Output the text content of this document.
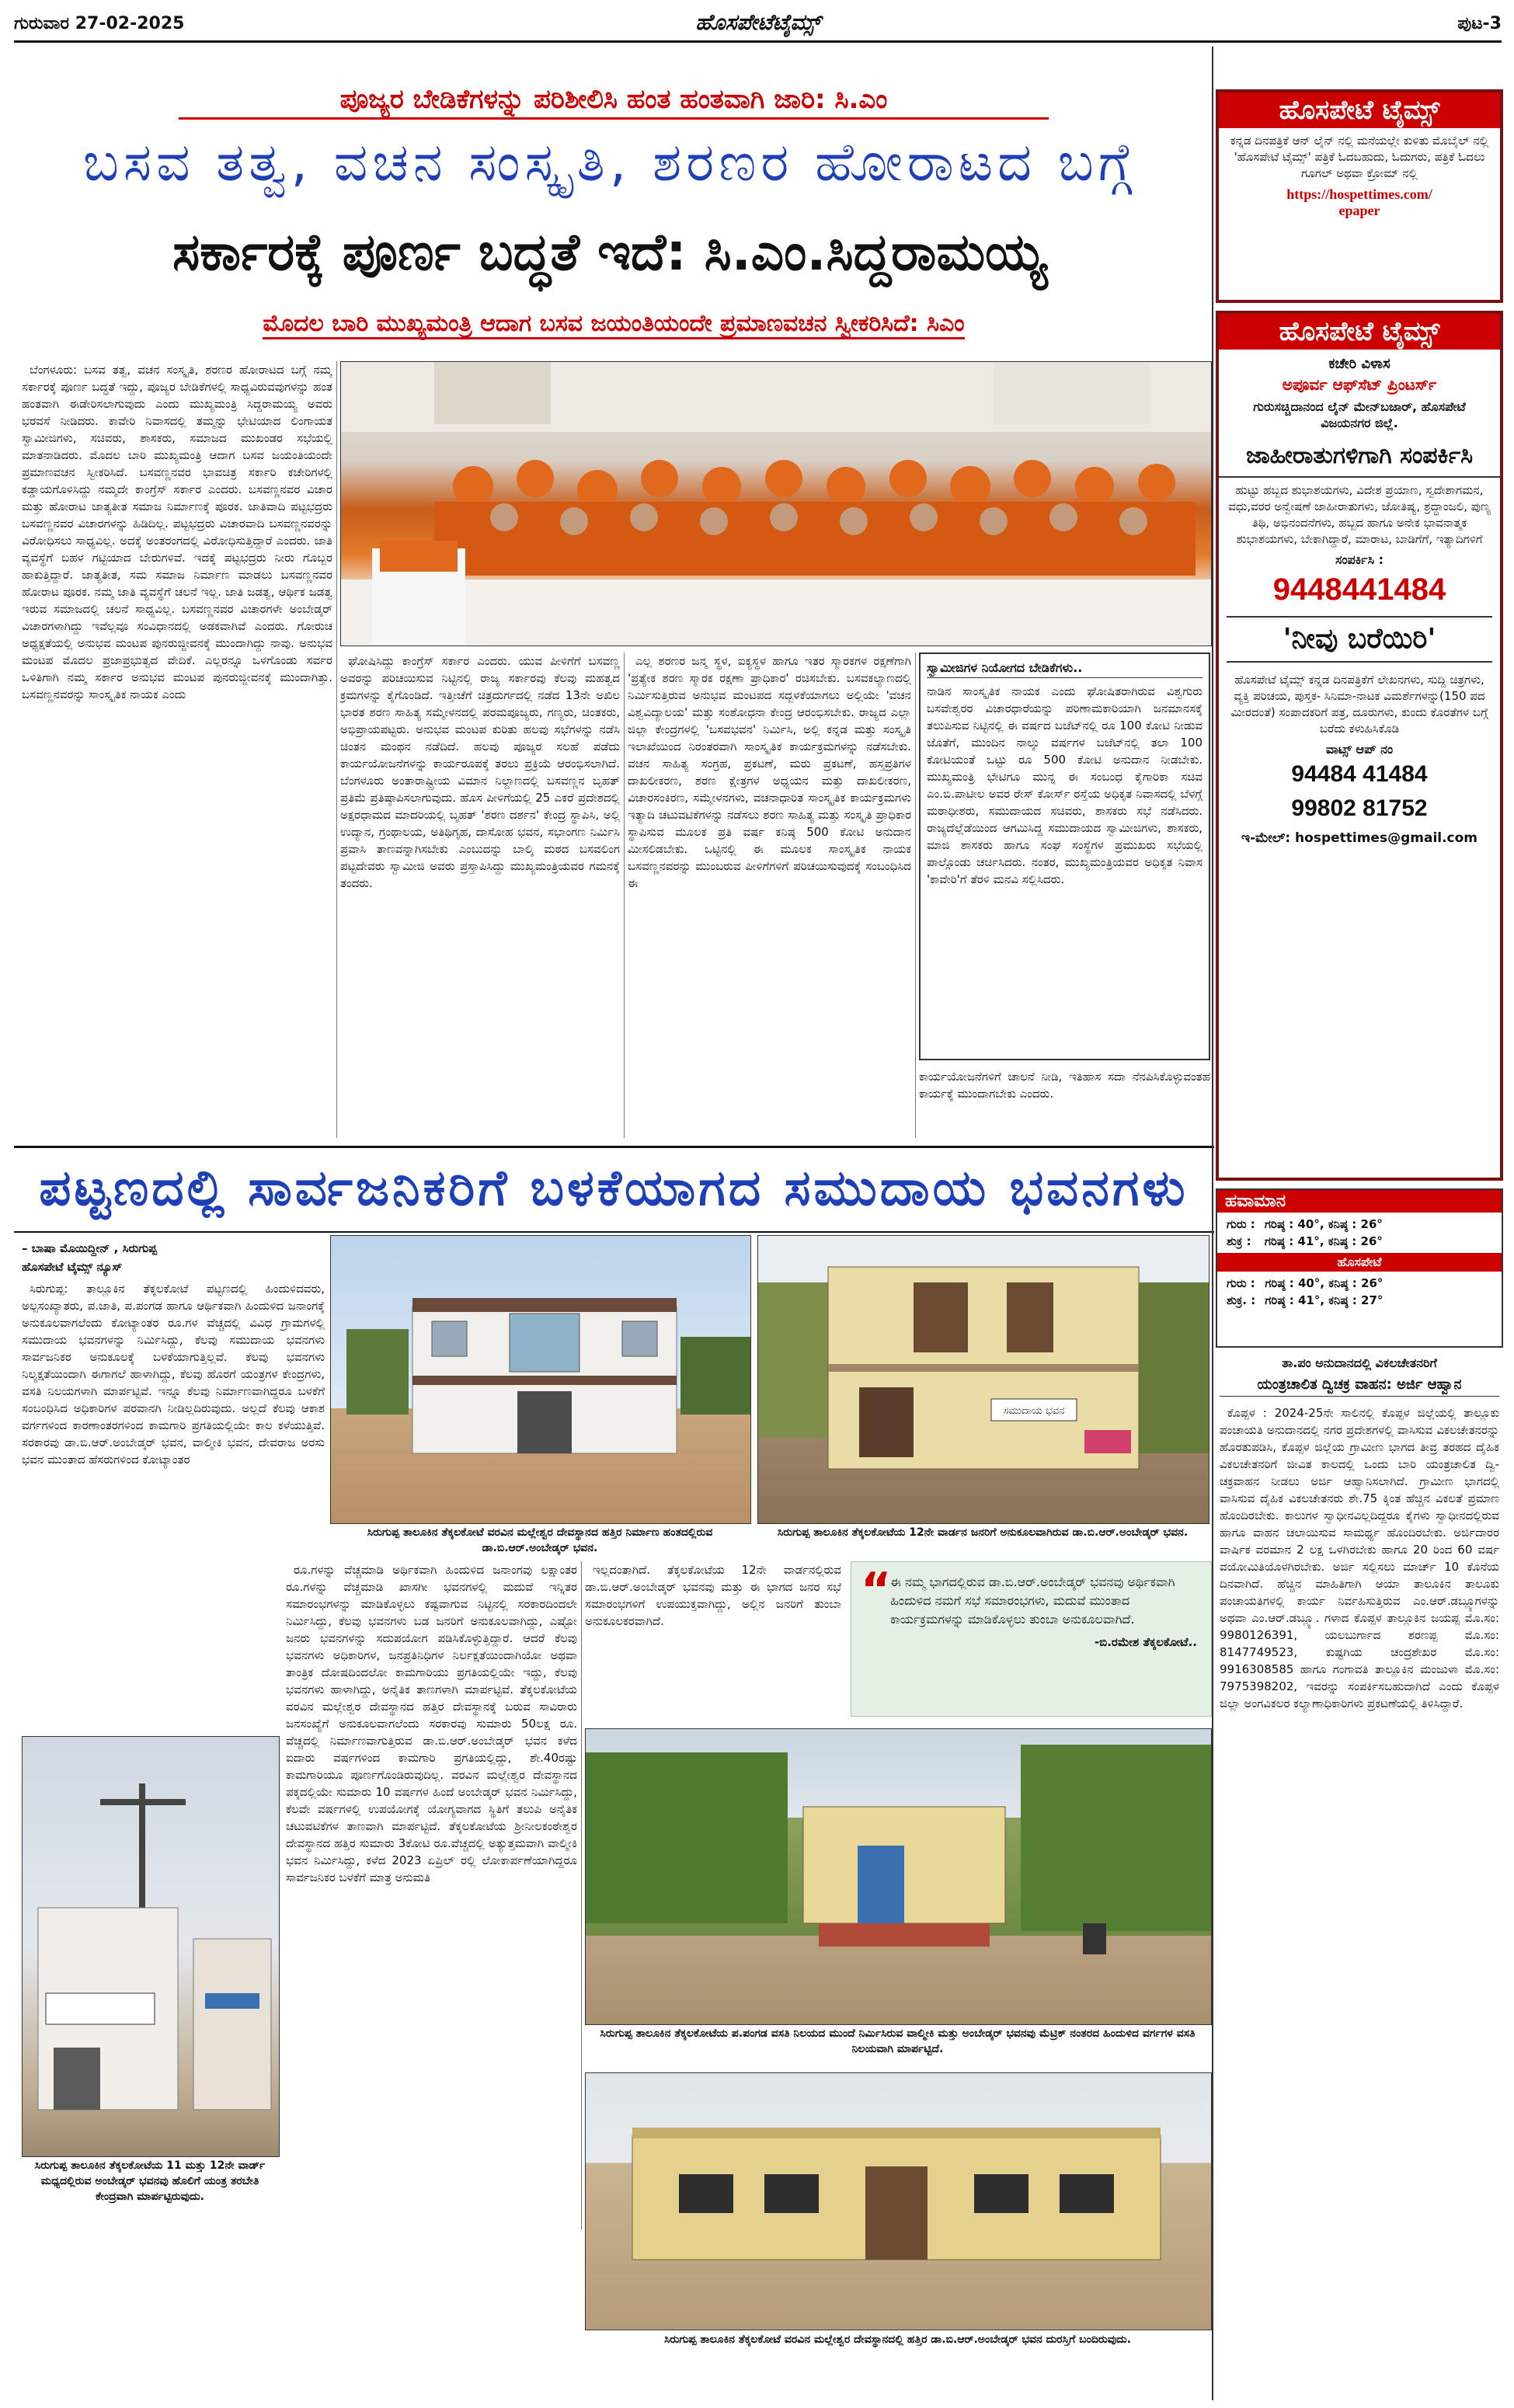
ಗುರುವಾರ 27-02-2025	ಹೊಸಪೇಟೆಟೈಮ್ಸ್	ಪುಟ-3
ಪೂಜ್ಯರ ಬೇಡಿಕೆಗಳನ್ನು ಪರಿಶೀಲಿಸಿ ಹಂತ ಹಂತವಾಗಿ ಜಾರಿ: ಸಿ.ಎಂ
ಬಸವ ತತ್ವ, ವಚನ ಸಂಸ್ಕೃತಿ, ಶರಣರ ಹೋರಾಟದ ಬಗ್ಗೆ
ಸರ್ಕಾರಕ್ಕೆ ಪೂರ್ಣ ಬದ್ಧತೆ ಇದೆ: ಸಿ.ಎಂ.ಸಿದ್ದರಾಮಯ್ಯ
ಮೊದಲ ಬಾರಿ ಮುಖ್ಯಮಂತ್ರಿ ಆದಾಗ ಬಸವ ಜಯಂತಿಯಂದೇ ಪ್ರಮಾಣವಚನ ಸ್ವೀಕರಿಸಿದೆ: ಸಿಎಂ

ಬೆಂಗಳೂರು: ಬಸವ ತತ್ವ, ವಚನ ಸಂಸ್ಕೃತಿ, ಶರಣರ ಹೋರಾಟದ ಬಗ್ಗೆ ನಮ್ಮ ಸರ್ಕಾರಕ್ಕೆ ಪೂರ್ಣ ಬದ್ಧತೆ ಇದ್ದು, ಪೂಜ್ಯರ ಬೇಡಿಕೆಗಳಲ್ಲಿ ಸಾಧ್ಯವಿರುವವುಗಳನ್ನು ಹಂತ ಹಂತವಾಗಿ ಈಡೇರಿಸಲಾಗುವುದು ಎಂದು ಮುಖ್ಯಮಂತ್ರಿ ಸಿದ್ದರಾಮಯ್ಯ ಅವರು ಭರವಸೆ ನೀಡಿದರು. ಕಾವೇರಿ ನಿವಾಸದಲ್ಲಿ ತಮ್ಮನ್ನು ಭೇಟಿಯಾದ ಲಿಂಗಾಯತ ಸ್ವಾಮೀಜಿಗಳು, ಸಚಿವರು, ಶಾಸಕರು, ಸಮಾಜದ ಮುಖಂಡರ ಸಭೆಯಲ್ಲಿ ಮಾತನಾಡಿದರು. ಮೊದಲ ಬಾರಿ ಮುಖ್ಯಮಂತ್ರಿ ಆದಾಗ ಬಸವ ಜಯಂತಿಯಂದೇ ಪ್ರಮಾಣವಚನ ಸ್ವೀಕರಿಸಿದೆ. ಬಸವಣ್ಣನವರ ಭಾವಚಿತ್ರ ಸರ್ಕಾರಿ ಕಚೇರಿಗಳಲ್ಲಿ ಕಡ್ಡಾಯಗೊಳಿಸಿದ್ದು ನಮ್ಮದೇ ಕಾಂಗ್ರೆಸ್ ಸರ್ಕಾರ ಎಂದರು. ಬಸವಣ್ಣನವರ ವಿಚಾರ ಮತ್ತು ಹೋರಾಟ ಜಾತ್ಯತೀತ ಸಮಾಜ ನಿರ್ಮಾಣಕ್ಕೆ ಪೂರಕ. ಜಾತಿವಾದಿ ಪಟ್ಟಭದ್ರರು ಬಸವಣ್ಣನವರ ವಿಚಾರಗಳನ್ನು ಹಿಡಿದಿಲ್ಲ. ಪಟ್ಟಭದ್ರರು ವಿಚಾರವಾದಿ ಬಸವಣ್ಣನವರನ್ನು ವಿರೋಧಿಸಲು ಸಾಧ್ಯವಿಲ್ಲ. ಅದಕ್ಕೆ ಅಂತರಂಗದಲ್ಲಿ ವಿರೋಧಿಸುತ್ತಿದ್ದಾರೆ ಎಂದರು. ಜಾತಿ ವ್ಯವಸ್ಥೆಗೆ ಬಹಳ ಗಟ್ಟಿಯಾದ ಬೇರುಗಳಿವೆ. ಇದಕ್ಕೆ ಪಟ್ಟಭದ್ರರು ನೀರು ಗೊಬ್ಬರ ಹಾಕುತ್ತಿದ್ದಾರೆ. ಜಾತ್ಯತೀತ, ಸಮ ಸಮಾಜ ನಿರ್ಮಾಣ ಮಾಡಲು ಬಸವಣ್ಣನವರ ಹೋರಾಟ ಪೂರಕ. ನಮ್ಮ ಜಾತಿ ವ್ಯವಸ್ಥೆಗೆ ಚಲನೆ ಇಲ್ಲ. ಜಾತಿ ಜಡತ್ವ, ಆರ್ಥಿಕ ಜಡತ್ವ ಇರುವ ಸಮಾಜದಲ್ಲಿ ಚಲನೆ ಸಾಧ್ಯವಿಲ್ಲ. ಬಸವಣ್ಣನವರ ವಿಚಾರಗಳೇ ಅಂಬೇಡ್ಕರ್ ವಿಚಾರಗಳಾಗಿದ್ದು ಇವೆಲ್ಲವೂ ಸಂವಿಧಾನದಲ್ಲಿ ಅಡಕವಾಗಿವೆ ಎಂದರು. ಗೋರುಚ ಅಧ್ಯಕ್ಷತೆಯಲ್ಲಿ ಅನುಭವ ಮಂಟಪ ಪುನರುಜ್ಜೀವನಕ್ಕೆ ಮುಂದಾಗಿದ್ದು ನಾವು. ಅನುಭವ ಮಂಟಪ ಮೊದಲ ಪ್ರಜಾಪ್ರಭುತ್ವದ ವೇದಿಕೆ. ಎಲ್ಲರನ್ನೂ ಒಳಗೊಂಡು ಸರ್ವರ ಒಳಿತಿಗಾಗಿ ನಮ್ಮ ಸರ್ಕಾರ ಅನುಭವ ಮಂಟಪ ಪುನರುಜ್ಜೀವನಕ್ಕೆ ಮುಂದಾಗಿತ್ತು. ಬಸವಣ್ಣನವರನ್ನು ಸಾಂಸ್ಕೃತಿಕ ನಾಯಕ ಎಂದು

ಘೋಷಿಸಿದ್ದು ಕಾಂಗ್ರೆಸ್ ಸರ್ಕಾರ ಎಂದರು. ಯುವ ಪೀಳಿಗೆಗೆ ಬಸವಣ್ಣ ಅವರನ್ನು ಪರಿಚಯಿಸುವ ನಿಟ್ಟಿನಲ್ಲಿ ರಾಜ್ಯ ಸರ್ಕಾರವು ಕೆಲವು ಮಹತ್ವದ ಕ್ರಮಗಳನ್ನು ಕೈಗೊಂಡಿದೆ. ಇತ್ತೀಚೆಗೆ ಚಿತ್ರದುರ್ಗದಲ್ಲಿ ನಡೆದ 13ನೇ ಅಖಿಲ ಭಾರತ ಶರಣ ಸಾಹಿತ್ಯ ಸಮ್ಮೇಳನದಲ್ಲಿ ಪರಮಪೂಜ್ಯರು, ಗಣ್ಯರು, ಚಿಂತಕರು, ಅಭಿಪ್ರಾಯಪಟ್ಟರು. ಅನುಭವ ಮಂಟಪ ಕುರಿತು ಹಲವು ಸಭೆಗಳನ್ನು ನಡೆಸಿ ಚಿಂತನ ಮಂಥನ ನಡೆದಿದೆ. ಹಲವು ಪೂಜ್ಯರ ಸಲಹೆ ಪಡೆದು ಕಾರ್ಯಯೋಜನೆಗಳನ್ನು ಕಾರ್ಯರೂಪಕ್ಕೆ ತರಲು ಪ್ರಕ್ರಿಯೆ ಆರಂಭಿಸಲಾಗಿದೆ. ಬೆಂಗಳೂರು ಅಂತಾರಾಷ್ಟ್ರೀಯ ವಿಮಾನ ನಿಲ್ದಾಣದಲ್ಲಿ ಬಸವಣ್ಣನ ಬೃಹತ್ ಪ್ರತಿಮೆ ಪ್ರತಿಷ್ಠಾಪಿಸಲಾಗುವುದು. ಹೊಸ ಪೀಳಿಗೆಯಲ್ಲಿ 25 ಎಕರೆ ಪ್ರದೇಶದಲ್ಲಿ ಅಕ್ಷರಧಾಮದ ಮಾದರಿಯಲ್ಲಿ ಬೃಹತ್ 'ಶರಣ ದರ್ಶನ' ಕೇಂದ್ರ ಸ್ಥಾಪಿಸಿ, ಅಲ್ಲಿ ಉದ್ಯಾನ, ಗ್ರಂಥಾಲಯ, ಅತಿಥಿಗೃಹ, ದಾಸೋಹ ಭವನ, ಸಭಾಂಗಣ ನಿರ್ಮಿಸಿ ಪ್ರವಾಸಿ ತಾಣವನ್ನಾಗಿಸಬೇಕು ಎಂಬುದನ್ನು ಬಾಲ್ಕಿ ಮಠದ ಬಸವಲಿಂಗ ಪಟ್ಟದೇವರು ಸ್ವಾಮೀಜಿ ಅವರು ಪ್ರಸ್ತಾಪಿಸಿದ್ದು ಮುಖ್ಯಮಂತ್ರಿಯವರ ಗಮನಕ್ಕೆ ತಂದರು.

ಎಲ್ಲ ಶರಣರ ಜನ್ಮ ಸ್ಥಳ, ಐಕ್ಯಸ್ಥಳ ಹಾಗೂ ಇತರ ಸ್ಮಾರಕಗಳ ರಕ್ಷಣೆಗಾಗಿ 'ಪ್ರತ್ಯೇಕ ಶರಣ ಸ್ಮಾರಕ ರಕ್ಷಣಾ ಪ್ರಾಧಿಕಾರ' ರಚಿಸಬೇಕು. ಬಸವಕಲ್ಯಾಣದಲ್ಲಿ ನಿರ್ಮಿಸುತ್ತಿರುವ ಅನುಭವ ಮಂಟಪದ ಸದ್ಬಳಕೆಯಾಗಲು ಅಲ್ಲಿಯೇ 'ವಚನ ವಿಶ್ವವಿದ್ಯಾಲಯ' ಮತ್ತು ಸಂಶೋಧನಾ ಕೇಂದ್ರ ಆರಂಭಿಸಬೇಕು. ರಾಜ್ಯದ ಎಲ್ಲಾ ಜಿಲ್ಲಾ ಕೇಂದ್ರಗಳಲ್ಲಿ 'ಬಸವಭವನ' ನಿರ್ಮಿಸಿ, ಅಲ್ಲಿ ಕನ್ನಡ ಮತ್ತು ಸಂಸ್ಕೃತಿ ಇಲಾಖೆಯಿಂದ ನಿರಂತರವಾಗಿ ಸಾಂಸ್ಕೃತಿಕ ಕಾರ್ಯಕ್ರಮಗಳನ್ನು ನಡೆಸಬೇಕು. ವಚನ ಸಾಹಿತ್ಯ ಸಂಗ್ರಹ, ಪ್ರಕಟಣೆ, ಮರು ಪ್ರಕಟಣೆ, ಹಸ್ತಪ್ರತಿಗಳ ದಾಖಲೀಕರಣ, ಶರಣ ಕ್ಷೇತ್ರಗಳ ಅಧ್ಯಯನ ಮತ್ತು ದಾಖಲೀಕರಣ, ವಿಚಾರಸಂಕಿರಣ, ಸಮ್ಮೇಳನಗಳು, ವಚನಾಧಾರಿತ ಸಾಂಸ್ಕೃತಿಕ ಕಾರ್ಯಕ್ರಮಗಳು ಇತ್ಯಾದಿ ಚಟುವಟಿಕೆಗಳನ್ನು ನಡೆಸಲು ಶರಣ ಸಾಹಿತ್ಯ ಮತ್ತು ಸಂಸ್ಕೃತಿ ಪ್ರಾಧಿಕಾರ ಸ್ಥಾಪಿಸುವ ಮೂಲಕ ಪ್ರತಿ ವರ್ಷ ಕನಿಷ್ಠ 500 ಕೋಟಿ ಅನುದಾನ ಮೀಸಲಿಡಬೇಕು. ಒಟ್ಟಿನಲ್ಲಿ ಈ ಮೂಲಕ ಸಾಂಸ್ಕೃತಿಕ ನಾಯಕ ಬಸವಣ್ಣನವರನ್ನು ಮುಂಬರುವ ಪೀಳಿಗೆಗಳಿಗೆ ಪರಿಚಯಿಸುವುದಕ್ಕೆ ಸಂಬಂಧಿಸಿದ ಈ

ಸ್ವಾಮೀಜಿಗಳ ನಿಯೋಗದ ಬೇಡಿಕೆಗಳು..
ನಾಡಿನ ಸಾಂಸ್ಕೃತಿಕ ನಾಯಕ ಎಂದು ಘೋಷಿತರಾಗಿರುವ ವಿಶ್ವಗುರು ಬಸವೇಶ್ವರರ ವಿಚಾರಧಾರೆಯನ್ನು ಪರಿಣಾಮಕಾರಿಯಾಗಿ ಜನಮಾನಸಕ್ಕೆ ತಲುಪಿಸುವ ನಿಟ್ಟಿನಲ್ಲಿ ಈ ವರ್ಷದ ಬಜೆಟ್‌ನಲ್ಲಿ ರೂ 100 ಕೋಟಿ ನೀಡುವ ಜೊತೆಗೆ, ಮುಂದಿನ ನಾಲ್ಕು ವರ್ಷಗಳ ಬಜೆಟ್‌ನಲ್ಲಿ ತಲಾ 100 ಕೋಟಿಯಂತೆ ಒಟ್ಟು ರೂ 500 ಕೋಟಿ ಅನುದಾನ ನೀಡಬೇಕು. ಮುಖ್ಯಮಂತ್ರಿ ಭೇಟಿಗೂ ಮುನ್ನ ಈ ಸಂಬಂಧ ಕೈಗಾರಿಕಾ ಸಚಿವ ಎಂ.ಬಿ.ಪಾಟೀಲ ಅವರ ರೇಸ್ ಕೋರ್ಸ್ ರಸ್ತೆಯ ಅಧಿಕೃತ ನಿವಾಸದಲ್ಲಿ ಬೆಳಗ್ಗೆ ಮಠಾಧೀಶರು, ಸಮುದಾಯದ ಸಚಿವರು, ಶಾಸಕರು ಸಭೆ ನಡೆಸಿದರು. ರಾಜ್ಯದೆಲ್ಲೆಡೆಯಿಂದ ಆಗಮಿಸಿದ್ದ ಸಮುದಾಯದ ಸ್ವಾಮೀಜಿಗಳು, ಶಾಸಕರು, ಮಾಜಿ ಶಾಸಕರು ಹಾಗೂ ಸಂಘ ಸಂಸ್ಥೆಗಳ ಪ್ರಮುಖರು ಸಭೆಯಲ್ಲಿ ಪಾಲ್ಗೊಂಡು ಚರ್ಚಿಸಿದರು. ನಂತರ, ಮುಖ್ಯಮಂತ್ರಿಯವರ ಅಧಿಕೃತ ನಿವಾಸ 'ಕಾವೇರಿ'ಗೆ ತೆರಳಿ ಮನವಿ ಸಲ್ಲಿಸಿದರು.
ಕಾರ್ಯಯೋಜನೆಗಳಿಗೆ ಚಾಲನೆ ನೀಡಿ, ಇತಿಹಾಸ ಸದಾ ನೆನಪಿಸಿಕೊಳ್ಳುವಂತಹ ಕಾರ್ಯಕ್ಕೆ ಮುಂದಾಗಬೇಕು ಎಂದರು.
ಪಟ್ಟಣದಲ್ಲಿ ಸಾರ್ವಜನಿಕರಿಗೆ ಬಳಕೆಯಾಗದ ಸಮುದಾಯ ಭವನಗಳು
– ಬಾಷಾ ಮೊಯಿದ್ದೀನ್ , ಸಿರುಗುಪ್ಪ
ಹೊಸಪೇಟೆ ಟೈಮ್ಸ್ ನ್ಯೂಸ್

ಸಿರುಗುಪ್ಪ: ತಾಲ್ಲೂಕಿನ ತೆಕ್ಕಲಕೋಟೆ ಪಟ್ಟಣದಲ್ಲಿ ಹಿಂದುಳಿದವರು, ಅಲ್ಪಸಂಖ್ಯಾತರು, ಪ.ಜಾತಿ, ಪ.ಪಂಗಡ ಹಾಗೂ ಆರ್ಥಿಕವಾಗಿ ಹಿಂದುಳಿದ ಜನಾಂಗಕ್ಕೆ ಅನುಕೂಲವಾಗಲೆಂದು ಕೋಟ್ಯಾಂತರ ರೂ.ಗಳ ವೆಚ್ಚದಲ್ಲಿ ವಿವಿಧ ಗ್ರಾಮಗಳಲ್ಲಿ ಸಮುದಾಯ ಭವನಗಳನ್ನು ನಿರ್ಮಿಸಿದ್ದು, ಕೆಲವು ಸಮುದಾಯ ಭವನಗಳು ಸಾರ್ವಜನಿಕರ ಅನುಕೂಲಕ್ಕೆ ಬಳಕೆಯಾಗುತ್ತಿಲ್ಲವೆ. ಕೆಲವು ಭವನಗಳು ನಿಲ್ಯಕ್ಷತೆಯಿಂದಾಗಿ ಈಗಾಗಲೆ ಹಾಳಾಗಿದ್ದು, ಕೆಲವು ಹೊರಗೆ ಯಂತ್ರಗಳ ಕೇಂದ್ರಗಳು, ವಸತಿ ನಿಲಯಗಳಾಗಿ ಮಾರ್ಪಟ್ಟಿವೆ. ಇನ್ನೂ ಕೆಲವು ನಿರ್ಮಾಣವಾಗಿದ್ದರೂ ಬಳಕೆಗೆ ಸಂಬಂಧಿಸಿದ ಅಧಿಕಾರಿಗಳ ಪರವಾನಗಿ ನೀಡಿಲ್ಲದಿರುವುದು. ಅಲ್ಲದೆ ಕೆಲವು ಆಕಾಶ ವರ್ಗಗಳಿಂದ ಕಾರಣಾಂತರಗಳಿಂದ ಕಾಮಗಾರಿ ಪ್ರಗತಿಯಲ್ಲಿಯೇ ಕಾಲ ಕಳೆಯುತ್ತಿವೆ. ಸರಕಾರವು ಡಾ.ಬಿ.ಆರ್.ಅಂಬೇಡ್ಕರ್ ಭವನ, ವಾಲ್ಮೀಕಿ ಭವನ, ದೇವರಾಜ ಅರಸು ಭವನ ಮುಂತಾದ ಹೆಸರುಗಳಿಂದ ಕೋಟ್ಯಾಂತರ

ಸಿರುಗುಪ್ಪ ತಾಲೂಕಿನ ತೆಕ್ಕಲಕೋಟೆ ವರವಿನ ಮಲ್ಲೇಶ್ವರ ದೇವಸ್ಥಾನದ ಹತ್ತಿರ ನಿರ್ಮಾಣ ಹಂತದಲ್ಲಿರುವ ಡಾ.ಬಿ.ಆರ್.ಅಂಬೇಡ್ಕರ್ ಭವನ.
ಸಮುದಾಯ ಭವನ
ಸಿರುಗುಪ್ಪ ತಾಲೂಕಿನ ತೆಕ್ಕಲಕೋಟೆಯ 12ನೇ ವಾರ್ಡನ ಜನರಿಗೆ ಅನುಕೂಲವಾಗಿರುವ ಡಾ.ಬಿ.ಆರ್.ಅಂಬೇಡ್ಕರ್ ಭವನ.
ಸಿರುಗುಪ್ಪ ತಾಲೂಕಿನ ತೆಕ್ಕಲಕೋಟೆಯ 11 ಮತ್ತು 12ನೇ ವಾರ್ಡ್ ಮಧ್ಯದಲ್ಲಿರುವ ಅಂಬೇಡ್ಕರ್ ಭವನವು ಹೊಲಿಗೆ ಯಂತ್ರ ತರಬೇತಿ ಕೇಂದ್ರವಾಗಿ ಮಾರ್ಪಟ್ಟಿರುವುದು.

ರೂ.ಗಳನ್ನು ವೆಚ್ಚಮಾಡಿ ಅರ್ಥಿಕವಾಗಿ ಹಿಂದುಳಿದ ಜನಾಂಗವು ಲಕ್ಷಾಂತರ ರೂ.ಗಳನ್ನು ವೆಚ್ಚಮಾಡಿ ಖಾಸಗೀ ಭವನಗಳಲ್ಲಿ ಮದುವೆ ಇನ್ನಿತರ ಸಮಾರಂಭಗಳನ್ನು ಮಾಡಿಕೊಳ್ಳಲು ಕಷ್ಟವಾಗುವ ನಿಟ್ಟಿನಲ್ಲಿ ಸರಕಾರದಿಂದಲೇ ನಿರ್ಮಿಸಿದ್ದು, ಕೆಲವು ಭವನಗಳು ಬಡ ಜನರಿಗೆ ಅನುಕೂಲವಾಗಿದ್ದು, ಎಷ್ಟೋ ಜನರು ಭವನಗಳನ್ನು ಸದುಪಯೋಗ ಪಡಿಸಿಕೊಳ್ಳುತ್ತಿದ್ದಾರೆ. ಆದರೆ ಕೆಲವು ಭವನಗಳು ಅಧಿಕಾರಿಗಳ, ಜನಪ್ರತಿನಿಧಿಗಳ ನಿರ್ಲಕ್ಷತೆಯಿಂದಾಗಿಯೋ ಅಥವಾ ತಾಂತ್ರಿಕ ದೋಷದಿಂದಲೋ ಕಾಮಗಾರಿಯು ಪ್ರಗತಿಯಲ್ಲಿಯೇ ಇದ್ದು, ಕೆಲವು ಭವನಗಳು ಹಾಳಾಗಿದ್ದು, ಅನೈತಿಕ ತಾಣಗಳಾಗಿ ಮಾರ್ಪಟ್ಟಿವೆ. ತೆಕ್ಕಲಕೋಟೆಯ ವರವಿನ ಮಲ್ಲೇಶ್ವರ ದೇವಸ್ಥಾನದ ಹತ್ತಿರ ದೇವಸ್ಥಾನಕ್ಕೆ ಬರುವ ಸಾವಿರಾರು ಜನಸಂಖ್ಯೆಗೆ ಅನುಕೂಲವಾಗಲೆಂದು ಸರಕಾರವು ಸುಮಾರು 50ಲಕ್ಷ ರೂ. ವೆಚ್ಚದಲ್ಲಿ ನಿರ್ಮಾಣವಾಗುತ್ತಿರುವ ಡಾ.ಬಿ.ಆರ್.ಅಂಬೇಡ್ಕರ್ ಭವನ ಕಳೆದ ಐದಾರು ವರ್ಷಗಳಿಂದ ಕಾಮಗಾರಿ ಪ್ರಗತಿಯಲ್ಲಿದ್ದು, ಶೇ.40ರಷ್ಟು ಕಾಮಗಾರಿಯೂ ಪೂರ್ಣಗೊಂಡಿರುವುದಿಲ್ಲ. ವರವಿನ ಮಲ್ಲೇಶ್ವರ ದೇವಸ್ಥಾನದ ಪಕ್ಕದಲ್ಲಿಯೇ ಸುಮಾರು 10 ವರ್ಷಗಳ ಹಿಂದೆ ಅಂಬೇಡ್ಕರ್ ಭವನ ನಿರ್ಮಿಸಿದ್ದು, ಕೆಲವೇ ವರ್ಷಗಳಲ್ಲಿ ಉಪಯೋಗಕ್ಕೆ ಯೋಗ್ಯವಾಗದ ಸ್ಥಿತಿಗೆ ತಲುಪಿ ಅನೈತಿಕ ಚಟುವಟಿಕೆಗಳ ತಾಣವಾಗಿ ಮಾರ್ಪಟ್ಟಿದೆ. ತೆಕ್ಕಲಕೋಟೆಯ ಶ್ರೀನೀಲಕಂಠೇಶ್ವರ ದೇವಸ್ಥಾನದ ಹತ್ತಿರ ಸುಮಾರು 3ಕೋಟಿ ರೂ.ವೆಚ್ಚದಲ್ಲಿ ಅತ್ಯುತ್ತಮವಾಗಿ ವಾಲ್ಮೀಕಿ ಭವನ ನಿರ್ಮಿಸಿದ್ದು, ಕಳೆದ 2023 ಏಪ್ರಿಲ್ ರಲ್ಲಿ ಲೋಕಾರ್ಪಣೆಯಾಗಿದ್ದರೂ ಸಾರ್ವಜನಿಕರ ಬಳಕೆಗೆ ಮಾತ್ರ ಅನುಮತಿ

ಇಲ್ಲದಂತಾಗಿದೆ. ತೆಕ್ಕಲಕೋಟೆಯ 12ನೇ ವಾರ್ಡನಲ್ಲಿರುವ ಡಾ.ಬಿ.ಆರ್.ಅಂಬೇಡ್ಕರ್ ಭವನವು ಮತ್ತು ಈ ಭಾಗದ ಜನರ ಸಭೆ ಸಮಾರಂಭಗಳಿಗೆ ಉಪಯುಕ್ತವಾಗಿದ್ದು, ಅಲ್ಲಿನ ಜನರಿಗೆ ತುಂಬಾ ಅನುಕೂಲಕರವಾಗಿದೆ.

“
ಈ ನಮ್ಮ ಭಾಗದಲ್ಲಿರುವ ಡಾ.ಬಿ.ಆರ್.ಅಂಬೇಡ್ಕರ್ ಭವನವು ಅರ್ಥಿಕವಾಗಿ ಹಿಂದುಳಿದ ನಮಗೆ ಸಭೆ ಸಮಾರಂಭಗಳು, ಮದುವೆ ಮುಂತಾದ ಕಾರ್ಯಕ್ರಮಗಳನ್ನು ಮಾಡಿಕೊಳ್ಳಲು ತುಂಬಾ ಅನುಕೂಲವಾಗಿದೆ.
-ಬಿ.ರಮೇಶ ತೆಕ್ಕಲಕೋಟೆ..
ಸಿರುಗುಪ್ಪ ತಾಲೂಕಿನ ತೆಕ್ಕಲಕೋಟೆಯ ಪ.ಪಂಗಡ ವಸತಿ ನಿಲಯದ ಮುಂದೆ ನಿರ್ಮಿಸಿರುವ ವಾಲ್ಮೀಕಿ ಮತ್ತು ಅಂಬೇಡ್ಕರ್ ಭವನವು ಮೆಟ್ರಿಕ್ ನಂತರದ ಹಿಂದುಳಿದ ವರ್ಗಗಳ ವಸತಿ ನಿಲಯವಾಗಿ ಮಾರ್ಪಟ್ಟಿದೆ.
ಸಿರುಗುಪ್ಪ ತಾಲೂಕಿನ ತೆಕ್ಕಲಕೋಟೆ ವರವಿನ ಮಲ್ಲೇಶ್ವರ ದೇವಸ್ಥಾನದಲ್ಲಿ ಹತ್ತಿರ ಡಾ.ಬಿ.ಆರ್.ಅಂಬೇಡ್ಕರ್ ಭವನ ದುರಸ್ತಿಗೆ ಬಂದಿರುವುದು.
ಹೊಸಪೇಟೆ ಟೈಮ್ಸ್
ಕನ್ನಡ ದಿನಪತ್ರಿಕೆ ಆನ್ ಲೈನ್ ನಲ್ಲಿ ಮನೆಯಲ್ಲೇ ಕುಳಿತು ಮೊಬೈಲ್ ನಲ್ಲಿ 'ಹೊಸಪೇಟೆ ಟೈಮ್ಸ್' ಪತ್ರಿಕೆ ಓದಬಹುದು, ಓದುಗರು, ಪತ್ರಿಕೆ ಓದಲು ಗೂಗಲ್ ಅಥವಾ ಕ್ರೋಮ್ ನಲ್ಲಿ
https://hospettimes.com/
epaper
ಹೊಸಪೇಟೆ ಟೈಮ್ಸ್
ಕಚೇರಿ ವಿಳಾಸ
ಅಪೂರ್ವ ಆಫ್‌ಸೆಟ್ ಪ್ರಿಂಟರ್ಸ್
ಗುರುಸಚ್ಚಿದಾನಂದ ಲೈನ್ ಮೇನ್‌ಬಜಾರ್, ಹೊಸಪೇಟೆ ವಿಜಯನಗರ ಜಿಲ್ಲೆ.
ಜಾಹೀರಾತುಗಳಿಗಾಗಿ ಸಂಪರ್ಕಿಸಿ
ಹುಟ್ಟು ಹಬ್ಬದ ಶುಭಾಶಯಗಳು, ವಿದೇಶ ಪ್ರಯಾಣ, ಸ್ವದೇಶಾಗಮನ, ವಧು,ವರರ ಅನ್ವೇಷಣೆ ಜಾಹೀರಾತುಗಳು, ಜೋತಿಷ್ಯ, ಶ್ರದ್ಧಾಂಜಲಿ, ಪುಣ್ಯ ತಿಥಿ, ಅಭಿನಂದನೆಗಳು, ಹಬ್ಬದ ಹಾಗೂ ಅನೇಕ ಭಾವನಾತ್ಮಕ ಶುಭಾಶಯಗಳು, ಬೇಕಾಗಿದ್ದಾರೆ, ಮಾರಾಟ, ಬಾಡಿಗೆಗೆ, ಇತ್ಯಾದಿಗಳಿಗೆ
ಸಂಪರ್ಕಿಸಿ :
9448441484
'ನೀವು ಬರೆಯಿರಿ'
ಹೊಸಪೇಟೆ ಟೈಮ್ಸ್ ಕನ್ನಡ ದಿನಪತ್ರಿಕೆಗೆ ಲೇಖನಗಳು, ಸುದ್ದಿ ಚಿತ್ರಗಳು, ವ್ಯಕ್ತಿ ಪರಿಚಯ, ಪುಸ್ತಕ- ಸಿನಿಮಾ-ನಾಟಕ ವಿಮರ್ಶೆಗಳನ್ನು(150 ಪದ ಮೀರದಂತೆ) ಸಂಪಾದಕರಿಗೆ ಪತ್ರ, ದೂರುಗಳು, ಕುಂದು ಕೊರತೆಗಳ ಬಗ್ಗೆ ಬರೆದು ಕಳುಹಿಸಿಕೊಡಿ
ವಾಟ್ಸ್ ಆಪ್ ನಂ
94484 41484
99802 81752
ಇ-ಮೇಲ್: hospettimes@gmail.com
ಹವಾಮಾನ
ಗುರು :	ಗರಿಷ್ಠ : 40°, ಕನಿಷ್ಠ : 26°
ಶುಕ್ರ :	ಗರಿಷ್ಠ : 41°, ಕನಿಷ್ಠ : 26°
ಹೊಸಪೇಟೆ
ಗುರು :	ಗರಿಷ್ಠ : 40°, ಕನಿಷ್ಠ : 26°
ಶುಕ್ರ. :	ಗರಿಷ್ಠ : 41°, ಕನಿಷ್ಠ : 27°
ತಾ.ಪಂ ಅನುದಾನದಲ್ಲಿ ವಿಕಲಚೇತನರಿಗೆ
ಯಂತ್ರಚಾಲಿತ ದ್ವಿಚಕ್ರ ವಾಹನ: ಅರ್ಜಿ ಆಹ್ವಾನ

ಕೊಪ್ಪಳ : 2024-25ನೇ ಸಾಲಿನಲ್ಲಿ ಕೊಪ್ಪಳ ಜಿಲ್ಲೆಯಲ್ಲಿ ತಾಲ್ಲೂಕು ಪಂಚಾಯತಿ ಅನುದಾನದಲ್ಲಿ ನಗರ ಪ್ರದೇಶಗಳಲ್ಲಿ ವಾಸಿಸುವ ವಿಕಲಚೇತನರನ್ನು ಹೊರತುಪಡಿಸಿ, ಕೊಪ್ಪಳ ಜಿಲ್ಲೆಯ ಗ್ರಾಮೀಣ ಭಾಗದ ತೀವ್ರ ತರಹದ ದೈಹಿಕ ವಿಕಲಚೇತನರಿಗೆ ಜೀವಿತ ಕಾಲದಲ್ಲಿ ಒಂದು ಬಾರಿ ಯಂತ್ರಚಾಲಿತ ದ್ವಿ-ಚಕ್ರವಾಹನ ನೀಡಲು ಅರ್ಜಿ ಆಹ್ವಾನಿಸಲಾಗಿದೆ. ಗ್ರಾಮೀಣ ಭಾಗದಲ್ಲಿ ವಾಸಿಸುವ ದೈಹಿಕ ವಿಕಲಚೇತನರು ಶೇ.75 ಕ್ಕಿಂತ ಹೆಚ್ಚಿನ ವಿಕಲತೆ ಪ್ರಮಾಣ ಹೊಂದಿರಬೇಕು. ಕಾಲುಗಳ ಸ್ವಾಧೀನವಿಲ್ಲದಿದ್ದರೂ ಕೈಗಳು ಸ್ವಾಧೀನದಲ್ಲಿರುವ ಹಾಗೂ ವಾಹನ ಚಲಾಯಿಸುವ ಸಾಮರ್ಥ್ಯ ಹೊಂದಿರಬೇಕು. ಅರ್ಜಿದಾರರ ವಾರ್ಷಿಕ ವರಮಾನ 2 ಲಕ್ಷ ಒಳಗಿರಬೇಕು ಹಾಗೂ 20 ರಿಂದ 60 ವರ್ಷ ವಯೋಮಿತಿಯೊಳಗಿರಬೇಕು. ಅರ್ಜಿ ಸಲ್ಲಿಸಲು ಮಾರ್ಚ್ 10 ಕೊನೆಯ ದಿನವಾಗಿದೆ. ಹೆಚ್ಚಿನ ಮಾಹಿತಿಗಾಗಿ ಆಯಾ ತಾಲೂಕಿನ ತಾಲೂಕು ಪಂಚಾಯತಿಗಳಲ್ಲಿ ಕಾರ್ಯ ನಿರ್ವಹಿಸುತ್ತಿರುವ ಎಂ.ಆರ್.ಡಬ್ಲ್ಯೂಗಳನ್ನು ಅಥವಾ ಎಂ.ಆರ್.ಡಬ್ಲ್ಯೂ. ಗಳಾದ ಕೊಪ್ಪಳ ತಾಲ್ಲೂಕಿನ ಜಯಪ್ಪ ಮೊ.ಸಂ: 9980126391, ಯಲಬುರ್ಗಾದ ಶರಣಪ್ಪ ಮೊ.ಸಂ: 8147749523, ಕುಷ್ಟಗಿಯ ಚಂದ್ರಶೇಖರ ಮೊ.ಸಂ: 9916308585 ಹಾಗೂ ಗಂಗಾವತಿ ತಾಲ್ಲೂಕಿನ ಮಂಜುಳಾ ಮೊ.ಸಂ: 7975398202, ಇವರನ್ನು ಸಂಪರ್ಕಿಸಬಹುದಾಗಿದೆ ಎಂದು ಕೊಪ್ಪಳ ಜಿಲ್ಲಾ ಅಂಗವಿಕಲರ ಕಲ್ಯಾಣಾಧಿಕಾರಿಗಳು ಪ್ರಕಟಣೆಯಲ್ಲಿ ತಿಳಿಸಿದ್ದಾರೆ.
